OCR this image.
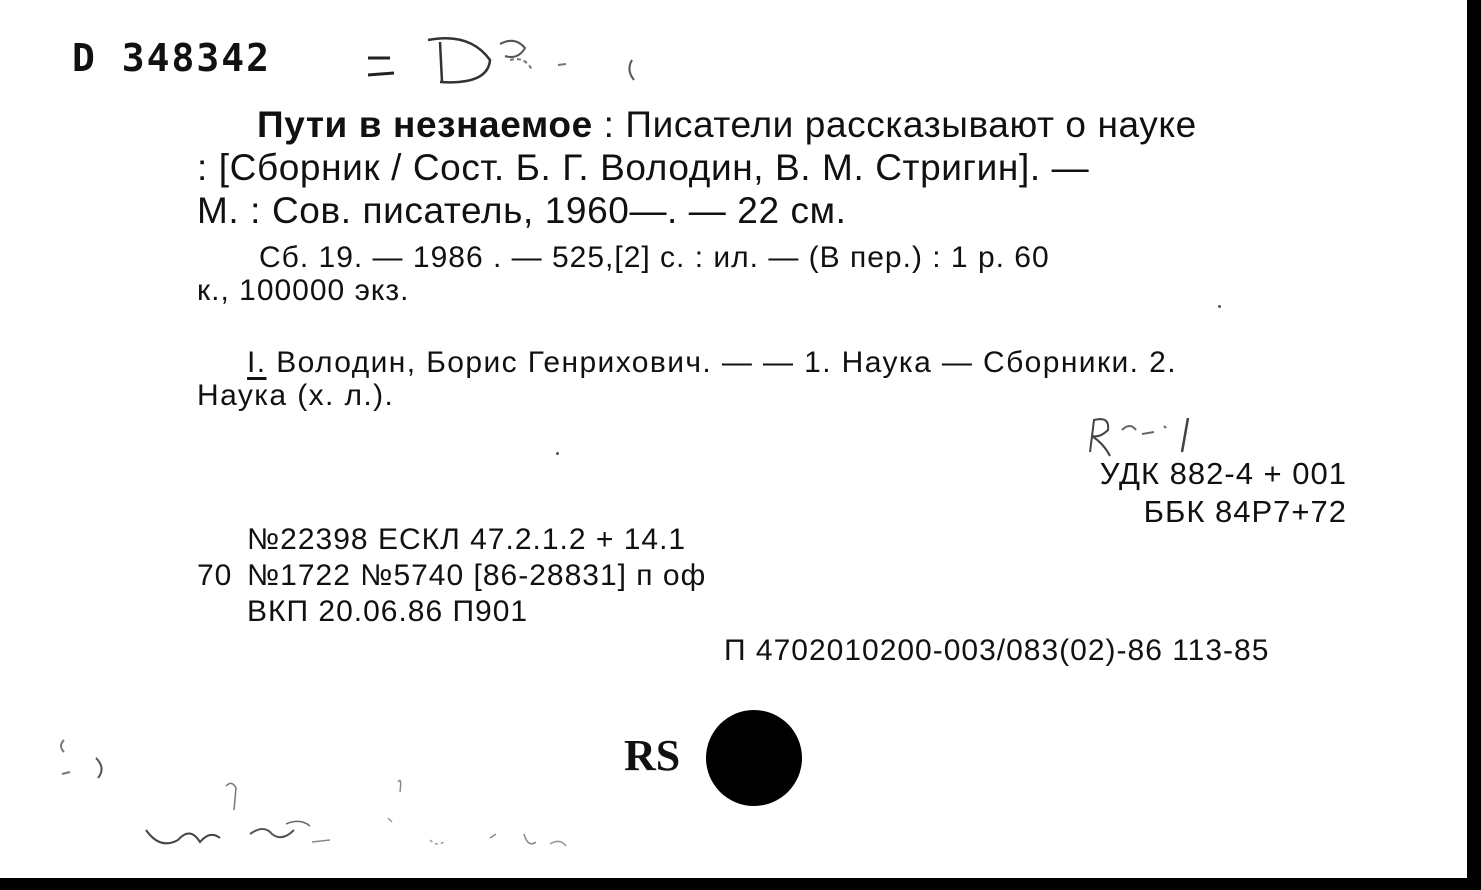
D 348342
Пути в незнаемое : Писатели рассказывают о науке
: [Сборник / Сост. Б. Г. Володин, В. М. Стригин]. —
М. : Сов. писатель, 1960—. — 22 см.
Сб. 19. — 1986 . — 525,[2] с. : ил. — (В пер.) : 1 р. 60
к., 100000 экз.
I. Володин, Борис Генрихович. — — 1. Наука — Сборники. 2.
Наука (х. л.).
УДК 882-4 + 001
ББК 84Р7+72
№22398 ЕСКЛ 47.2.1.2 + 14.1
70 №1722 №5740 [86-28831] п оф
ВКП 20.06.86 П901
П 4702010200-003/083(02)-86 113-85
RS
